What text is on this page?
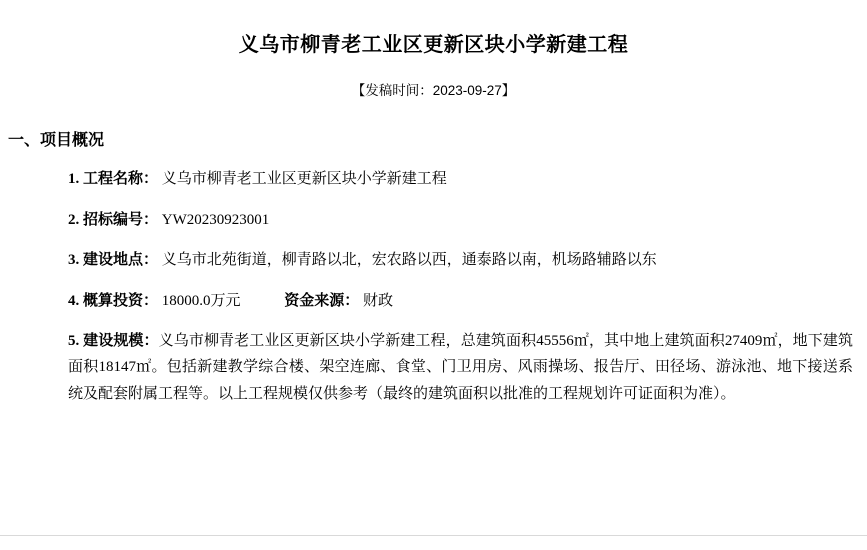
义乌市柳青老工业区更新区块小学新建工程
【发稿时间：2023-09-27】
一、项目概况
1. 工程名称： 义乌市柳青老工业区更新区块小学新建工程
2. 招标编号： YW20230923001
3. 建设地点： 义乌市北苑街道，柳青路以北，宏农路以西，通泰路以南，机场路辅路以东
4. 概算投资： 18000.0万元	资金来源： 财政
5. 建设规模：义乌市柳青老工业区更新区块小学新建工程，总建筑面积45556㎡，其中地上建筑面积27409㎡，地下建筑面积18147㎡。包括新建教学综合楼、架空连廊、食堂、门卫用房、风雨操场、报告厅、田径场、游泳池、地下接送系统及配套附属工程等。以上工程规模仅供参考（最终的建筑面积以批准的工程规划许可证面积为准）。
